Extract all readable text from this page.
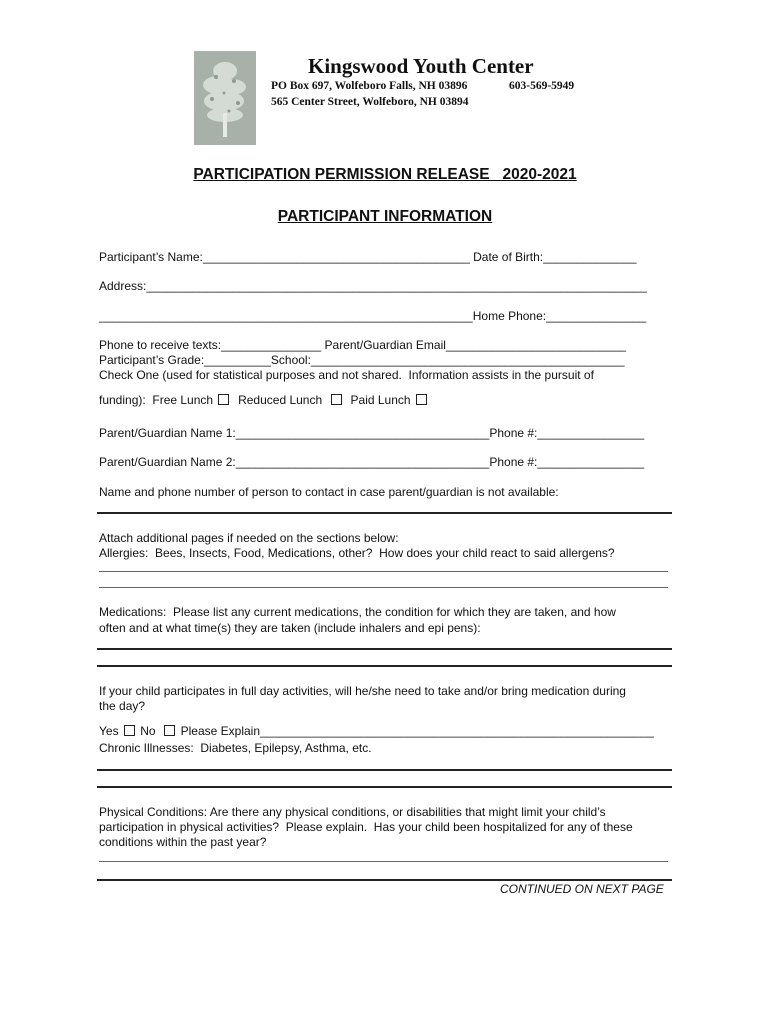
Kingswood Youth Center
PO Box 697, Wolfeboro Falls, NH 03896	603-569-5949
565 Center Street, Wolfeboro, NH 03894
PARTICIPATION PERMISSION RELEASE   2020-2021
PARTICIPANT INFORMATION
Participant’s Name:________________________________________ Date of Birth:______________
Address:___________________________________________________________________________
________________________________________________________Home Phone:_______________
Phone to receive texts:_______________ Parent/Guardian Email___________________________
Participant’s Grade:__________School:_______________________________________________
Check One (used for statistical purposes and not shared.  Information assists in the pursuit of
funding):  Free Lunch Reduced Lunch Paid Lunch
Parent/Guardian Name 1:______________________________________Phone #:________________
Parent/Guardian Name 2:______________________________________Phone #:________________
Name and phone number of person to contact in case parent/guardian is not available:
Attach additional pages if needed on the sections below:
Allergies:  Bees, Insects, Food, Medications, other?  How does your child react to said allergens?
Medications:  Please list any current medications, the condition for which they are taken, and how
often and at what time(s) they are taken (include inhalers and epi pens):
If your child participates in full day activities, will he/she need to take and/or bring medication during
the day?
Yes No Please Explain___________________________________________________________
Chronic Illnesses:  Diabetes, Epilepsy, Asthma, etc.
Physical Conditions: Are there any physical conditions, or disabilities that might limit your child’s
participation in physical activities?  Please explain.  Has your child been hospitalized for any of these
conditions within the past year?
CONTINUED ON NEXT PAGE
